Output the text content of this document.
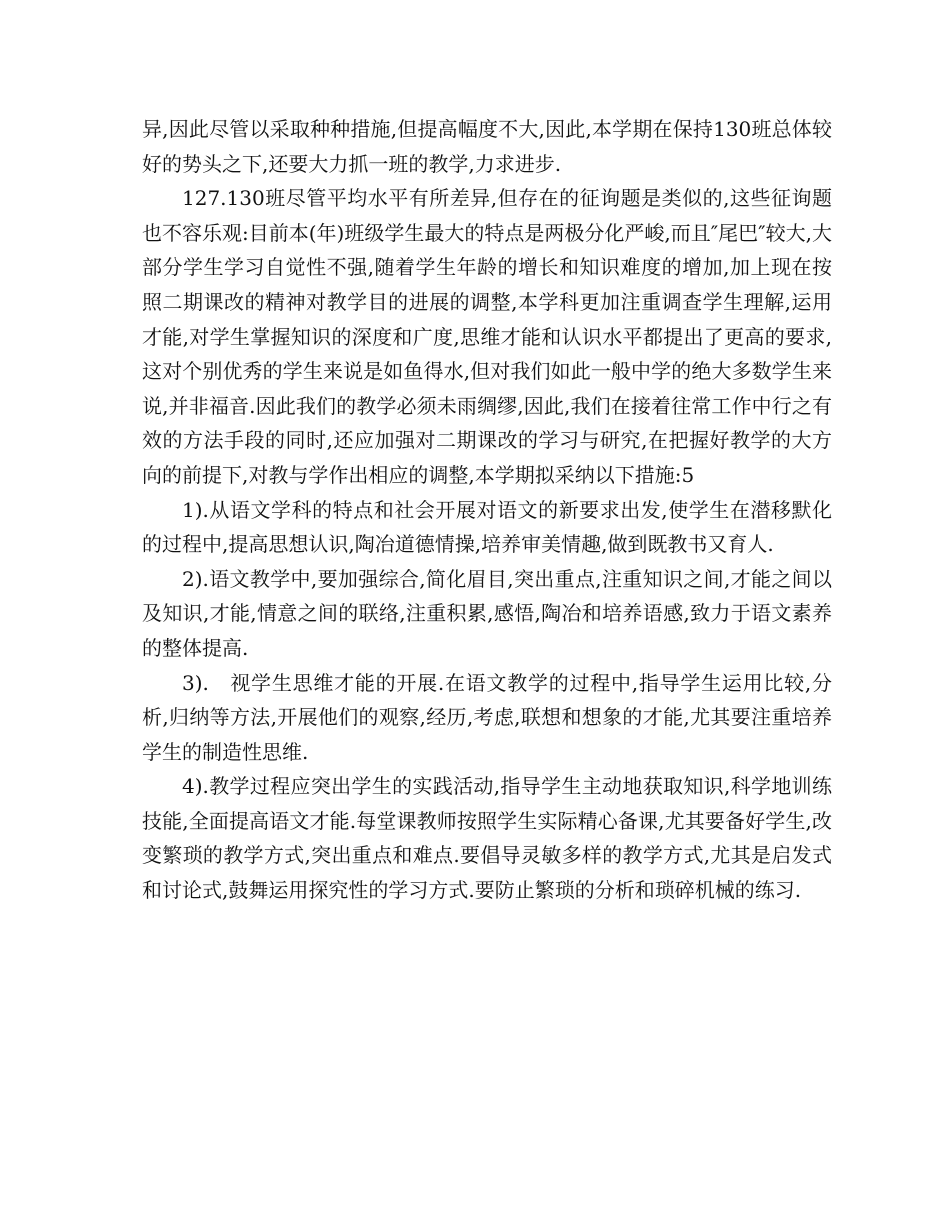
异,因此尽管以采取种种措施,但提高幅度不大,因此,本学期在保持130班总体较好的势头之下,还要大力抓一班的教学,力求进步.

127.130班尽管平均水平有所差异,但存在的征询题是类似的,这些征询题也不容乐观:目前本(年)班级学生最大的特点是两极分化严峻,而且″尾巴″较大,大部分学生学习自觉性不强,随着学生年龄的增长和知识难度的增加,加上现在按照二期课改的精神对教学目的进展的调整,本学科更加注重调查学生理解,运用才能,对学生掌握知识的深度和广度,思维才能和认识水平都提出了更高的要求,这对个别优秀的学生来说是如鱼得水,但对我们如此一般中学的绝大多数学生来说,并非福音.因此我们的教学必须未雨绸缪,因此,我们在接着往常工作中行之有效的方法手段的同时,还应加强对二期课改的学习与研究,在把握好教学的大方向的前提下,对教与学作出相应的调整,本学期拟采纳以下措施:5

1).从语文学科的特点和社会开展对语文的新要求出发,使学生在潜移默化的过程中,提高思想认识,陶冶道德情操,培养审美情趣,做到既教书又育人.

2).语文教学中,要加强综合,简化眉目,突出重点,注重知识之间,才能之间以及知识,才能,情意之间的联络,注重积累,感悟,陶冶和培养语感,致力于语文素养的整体提高.

3).　视学生思维才能的开展.在语文教学的过程中,指导学生运用比较,分析,归纳等方法,开展他们的观察,经历,考虑,联想和想象的才能,尤其要注重培养学生的制造性思维.

4).教学过程应突出学生的实践活动,指导学生主动地获取知识,科学地训练技能,全面提高语文才能.每堂课教师按照学生实际精心备课,尤其要备好学生,改变繁琐的教学方式,突出重点和难点.要倡导灵敏多样的教学方式,尤其是启发式和讨论式,鼓舞运用探究性的学习方式.要防止繁琐的分析和琐碎机械的练习.
